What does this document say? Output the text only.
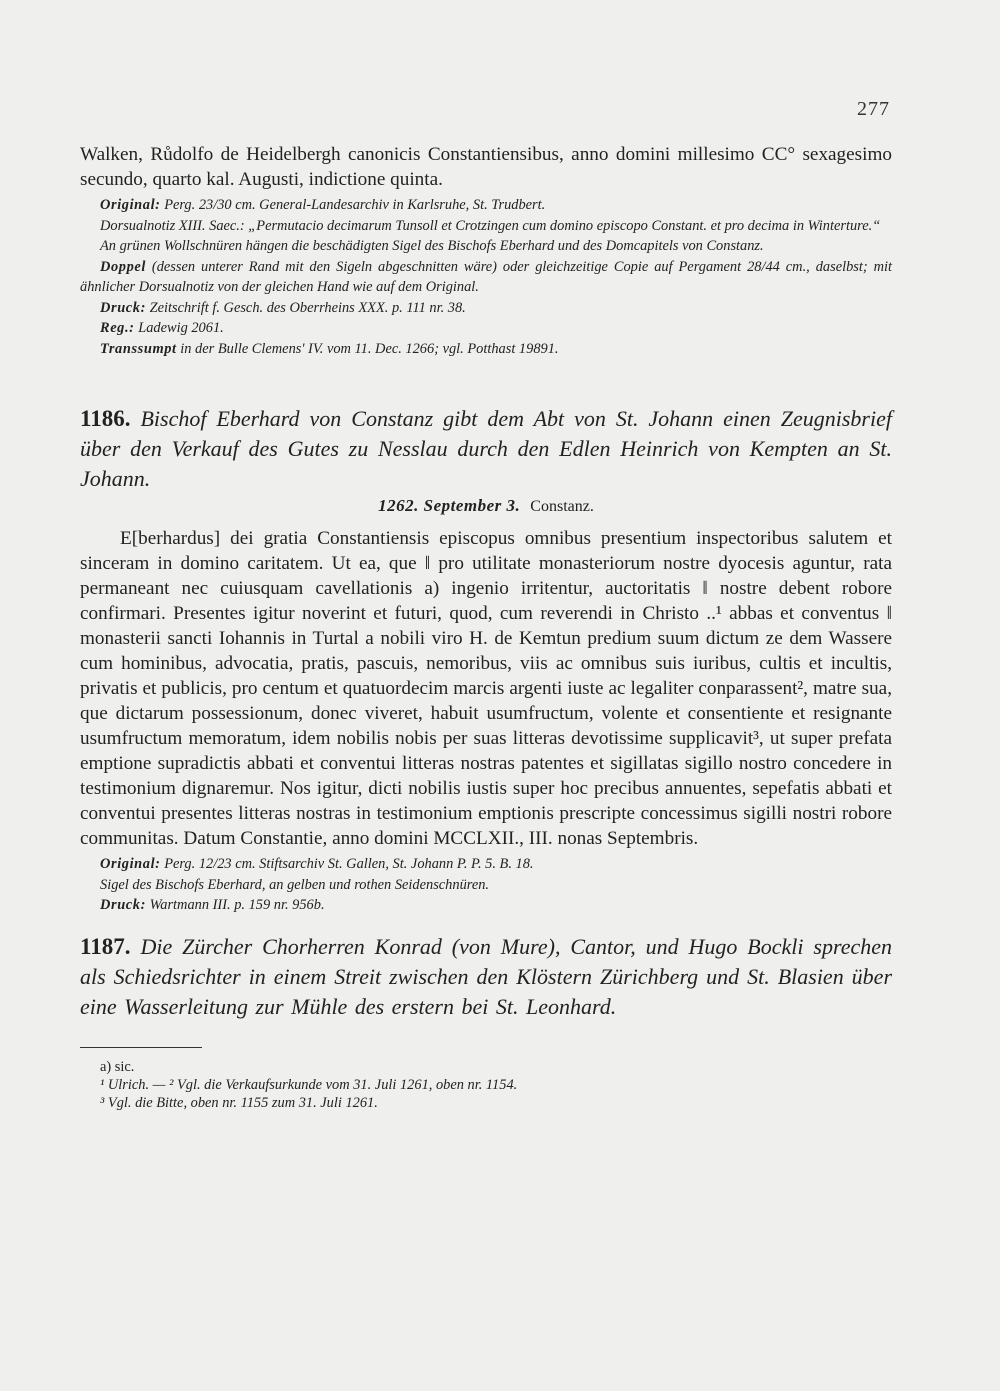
277

Walken, Růdolfo de Heidelbergh canonicis Constantiensibus, anno domini millesimo CC° sexagesimo secundo, quarto kal. Augusti, indictione quinta.

Original: Perg. 23/30 cm. General-Landesarchiv in Karlsruhe, St. Trudbert.

Dorsualnotiz XIII. Saec.: „Permutacio decimarum Tunsoll et Crotzingen cum domino episcopo Constant. et pro decima in Winterture.“

An grünen Wollschnüren hängen die beschädigten Sigel des Bischofs Eberhard und des Domcapitels von Constanz.

Doppel (dessen unterer Rand mit den Sigeln abgeschnitten wäre) oder gleichzeitige Copie auf Pergament 28/44 cm., daselbst; mit ähnlicher Dorsualnotiz von der gleichen Hand wie auf dem Original.

Druck: Zeitschrift f. Gesch. des Oberrheins XXX. p. 111 nr. 38.

Reg.: Ladewig 2061.

Transsumpt in der Bulle Clemens' IV. vom 11. Dec. 1266; vgl. Potthast 19891.

1186. Bischof Eberhard von Constanz gibt dem Abt von St. Johann einen Zeugnisbrief über den Verkauf des Gutes zu Nesslau durch den Edlen Heinrich von Kempten an St. Johann.

1262. September 3. Constanz.

E[berhardus] dei gratia Constantiensis episcopus omnibus presentium inspectoribus salutem et sinceram in domino caritatem. Ut ea, que ‖ pro utilitate monasteriorum nostre dyocesis aguntur, rata permaneant nec cuiusquam cavellationis a) ingenio irritentur, auctoritatis ‖ nostre debent robore confirmari. Presentes igitur noverint et futuri, quod, cum reverendi in Christo ..¹ abbas et conventus ‖ monasterii sancti Iohannis in Turtal a nobili viro H. de Kemtun predium suum dictum ze dem Wassere cum hominibus, advocatia, pratis, pascuis, nemoribus, viis ac omnibus suis iuribus, cultis et incultis, privatis et publicis, pro centum et quatuordecim marcis argenti iuste ac legaliter conparassent², matre sua, que dictarum possessionum, donec viveret, habuit usumfructum, volente et consentiente et resignante usumfructum memoratum, idem nobilis nobis per suas litteras devotissime supplicavit³, ut super prefata emptione supradictis abbati et conventui litteras nostras patentes et sigillatas sigillo nostro concedere in testimonium dignaremur. Nos igitur, dicti nobilis iustis super hoc precibus annuentes, sepefatis abbati et conventui presentes litteras nostras in testimonium emptionis prescripte concessimus sigilli nostri robore communitas. Datum Constantie, anno domini MCCLXII., III. nonas Septembris.

Original: Perg. 12/23 cm. Stiftsarchiv St. Gallen, St. Johann P. P. 5. B. 18.

Sigel des Bischofs Eberhard, an gelben und rothen Seidenschnüren.

Druck: Wartmann III. p. 159 nr. 956b.

1187. Die Zürcher Chorherren Konrad (von Mure), Cantor, und Hugo Bockli sprechen als Schiedsrichter in einem Streit zwischen den Klöstern Zürichberg und St. Blasien über eine Wasserleitung zur Mühle des erstern bei St. Leonhard.

a) sic.

¹ Ulrich. — ² Vgl. die Verkaufsurkunde vom 31. Juli 1261, oben nr. 1154.

³ Vgl. die Bitte, oben nr. 1155 zum 31. Juli 1261.
